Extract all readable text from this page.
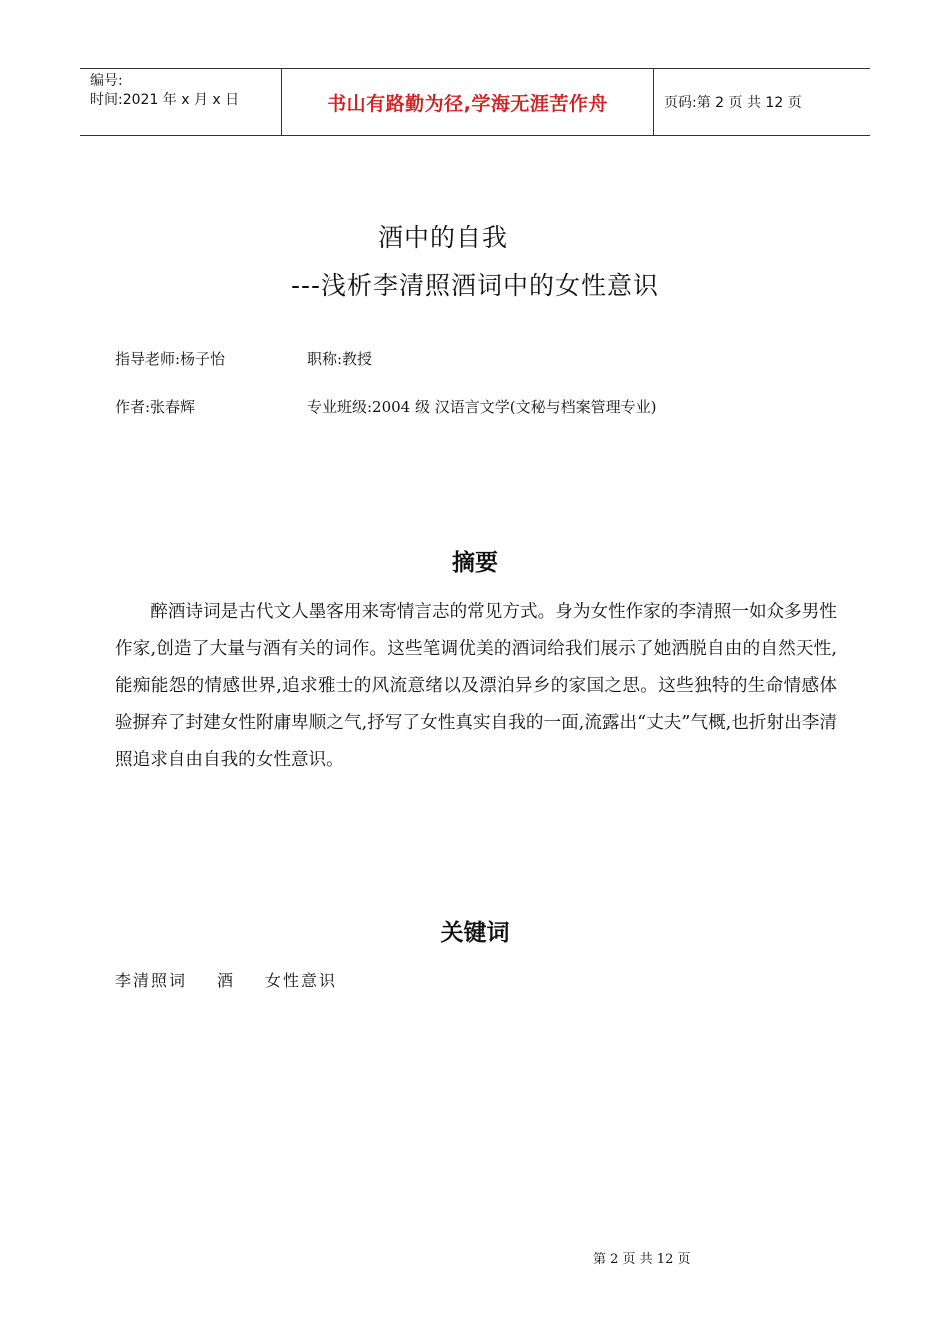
编号:
时间:2021 年 x 月 x 日	书山有路勤为径,学海无涯苦作舟	页码:第 2 页 共 12 页
酒中的自我
---浅析李清照酒词中的女性意识
指导老师:杨子怡	职称:教授
作者:张春辉	专业班级:2004 级 汉语言文学(文秘与档案管理专业)
摘要
醉酒诗词是古代文人墨客用来寄情言志的常见方式。身为女性作家的李清照一如众多男性作家,创造了大量与酒有关的词作。这些笔调优美的酒词给我们展示了她洒脱自由的自然天性,能痴能怨的情感世界,追求雅士的风流意绪以及漂泊异乡的家国之思。这些独特的生命情感体验摒弃了封建女性附庸卑顺之气,抒写了女性真实自我的一面,流露出“丈夫”气概,也折射出李清照追求自由自我的女性意识。
关键词
李清照词 酒 女性意识
第 2 页 共 12 页
